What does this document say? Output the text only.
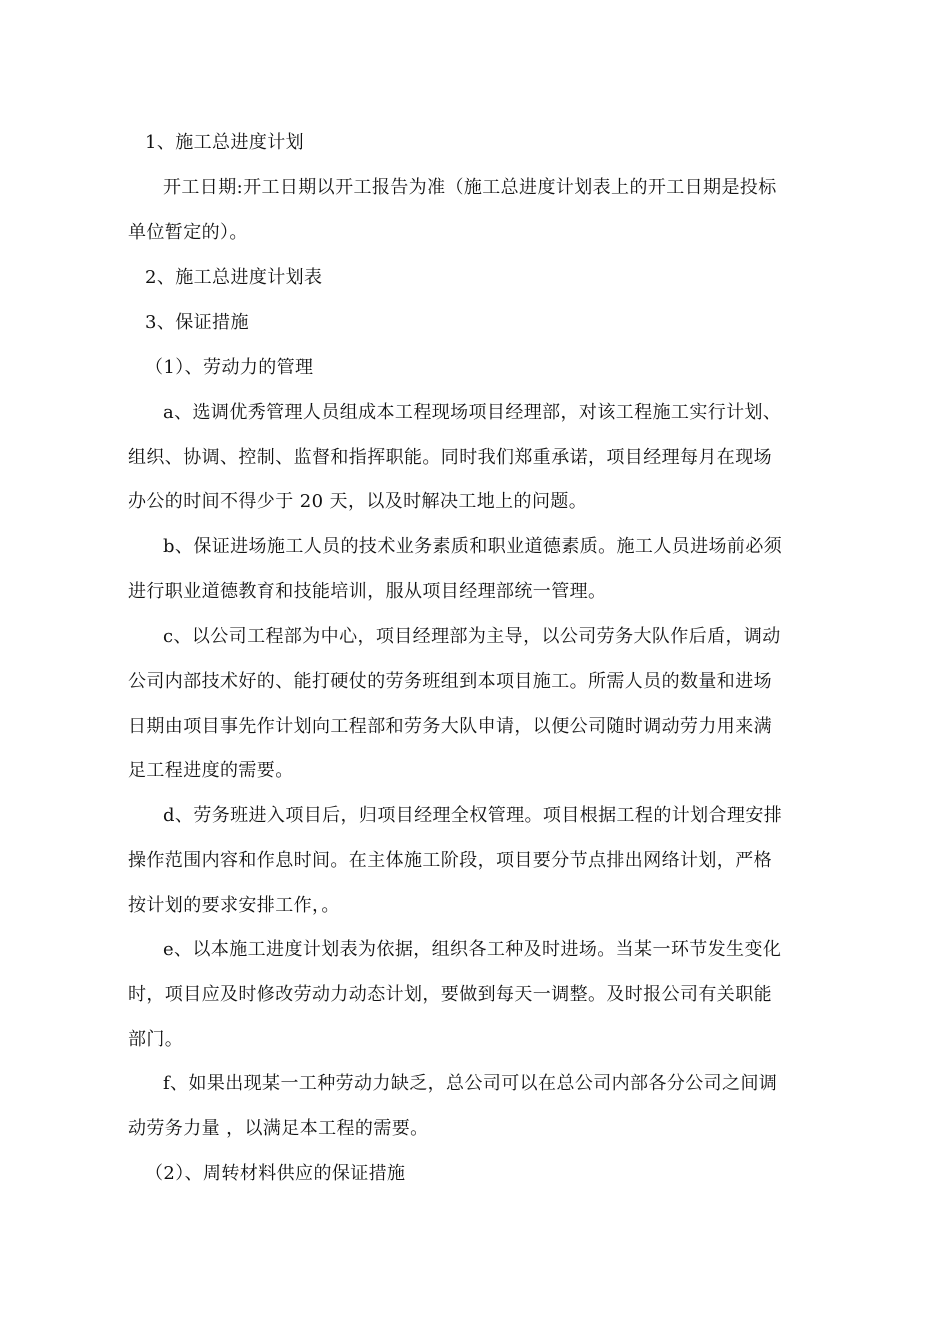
1、施工总进度计划
开工日期:开工日期以开工报告为准（施工总进度计划表上的开工日期是投标
单位暂定的）。
2、施工总进度计划表
3、保证措施
（1）、劳动力的管理
a、选调优秀管理人员组成本工程现场项目经理部，对该工程施工实行计划、
组织、协调、控制、监督和指挥职能。同时我们郑重承诺，项目经理每月在现场
办公的时间不得少于 20 天，以及时解决工地上的问题。
b、保证进场施工人员的技术业务素质和职业道德素质。施工人员进场前必须
进行职业道德教育和技能培训，服从项目经理部统一管理。
c、以公司工程部为中心，项目经理部为主导，以公司劳务大队作后盾，调动
公司内部技术好的、能打硬仗的劳务班组到本项目施工。所需人员的数量和进场
日期由项目事先作计划向工程部和劳务大队申请，以便公司随时调动劳力用来满
足工程进度的需要。
d、劳务班进入项目后，归项目经理全权管理。项目根据工程的计划合理安排
操作范围内容和作息时间。在主体施工阶段，项目要分节点排出网络计划，严格
按计划的要求安排工作，。
e、以本施工进度计划表为依据，组织各工种及时进场。当某一环节发生变化
时，项目应及时修改劳动力动态计划，要做到每天一调整。及时报公司有关职能
部门。
f、如果出现某一工种劳动力缺乏，总公司可以在总公司内部各分公司之间调
动劳务力量 ，以满足本工程的需要。
（2）、周转材料供应的保证措施
